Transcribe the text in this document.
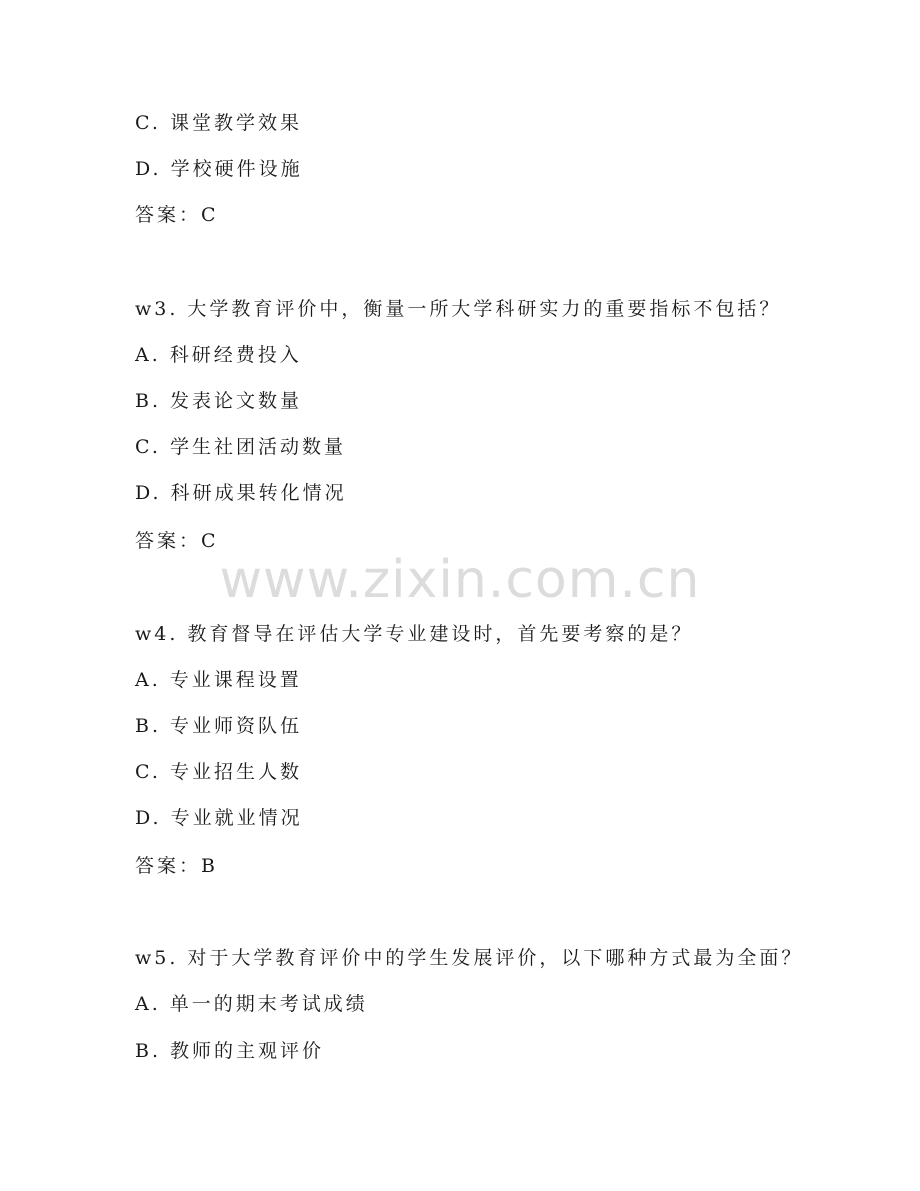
www.zixin.com.cn
C. 课堂教学效果
D. 学校硬件设施
答案：C
w3. 大学教育评价中，衡量一所大学科研实力的重要指标不包括？
A. 科研经费投入
B. 发表论文数量
C. 学生社团活动数量
D. 科研成果转化情况
答案：C
w4. 教育督导在评估大学专业建设时，首先要考察的是？
A. 专业课程设置
B. 专业师资队伍
C. 专业招生人数
D. 专业就业情况
答案：B
w5. 对于大学教育评价中的学生发展评价，以下哪种方式最为全面？
A. 单一的期末考试成绩
B. 教师的主观评价
